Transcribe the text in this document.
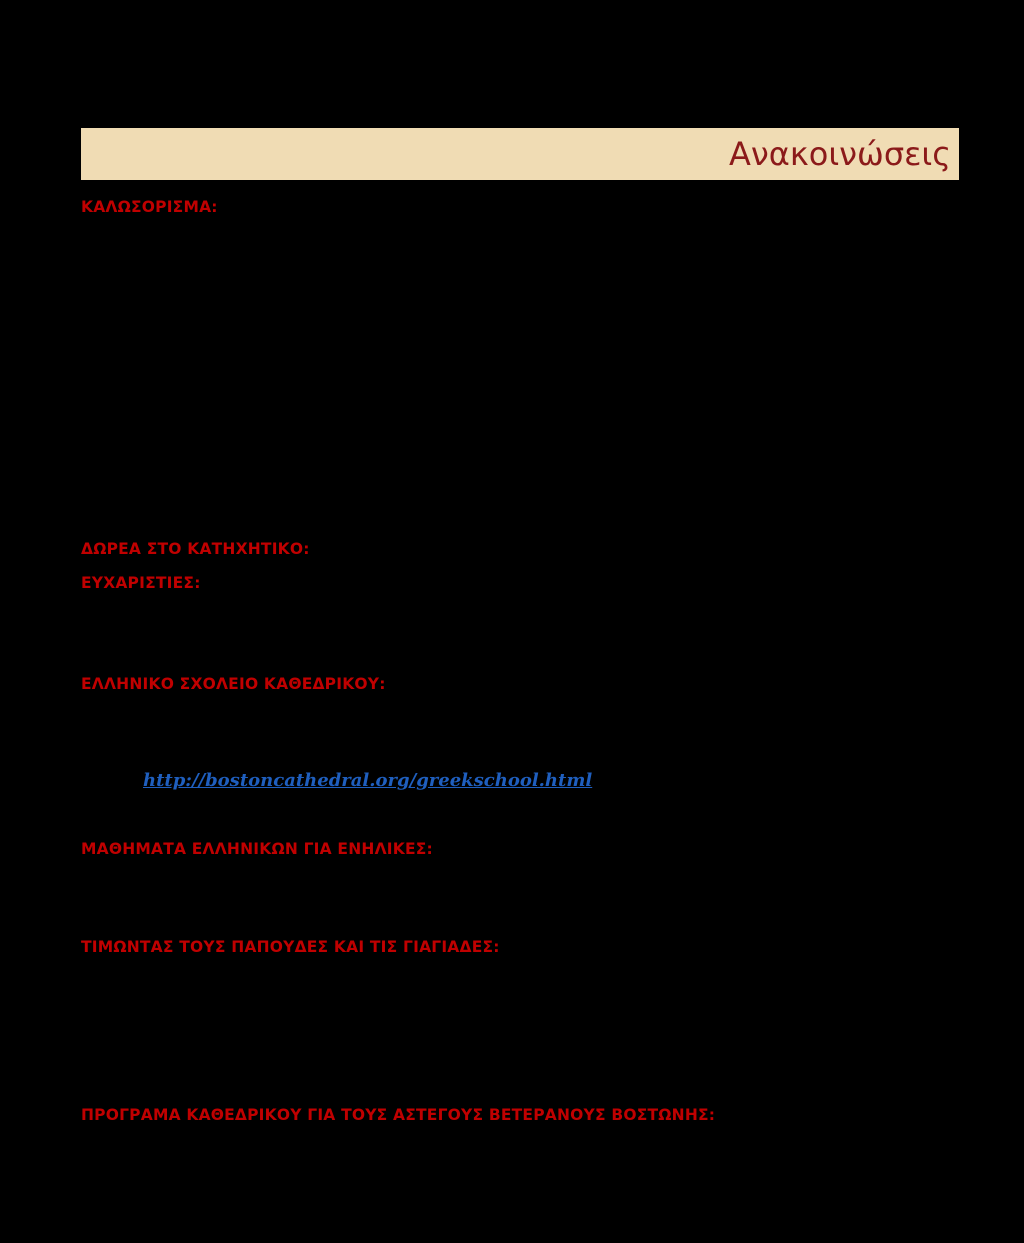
Ανακοινώσεις
ΚΑΛΩΣΟΡΙΣΜΑ:
ΔΩΡΕΑ ΣΤΟ ΚΑΤΗΧΗΤΙΚΟ:
ΕΥΧΑΡΙΣΤΙΕΣ:
ΕΛΛΗΝΙΚΟ ΣΧΟΛΕΙΟ ΚΑΘΕΔΡΙΚΟΥ:
http://bostoncathedral.org/greekschool.html
ΜΑΘΗΜΑΤΑ ΕΛΛΗΝΙΚΩΝ ΓΙΑ ΕΝΗΛΙΚΕΣ:
ΤΙΜΩΝΤΑΣ ΤΟΥΣ ΠΑΠΟΥΔΕΣ ΚΑΙ ΤΙΣ ΓΙΑΓΙΑΔΕΣ:
ΠΡΟΓΡΑΜΑ ΚΑΘΕΔΡΙΚΟΥ ΓΙΑ ΤΟΥΣ ΑΣΤΕΓΟΥΣ ΒΕΤΕΡΑΝΟΥΣ ΒΟΣΤΩΝΗΣ:
